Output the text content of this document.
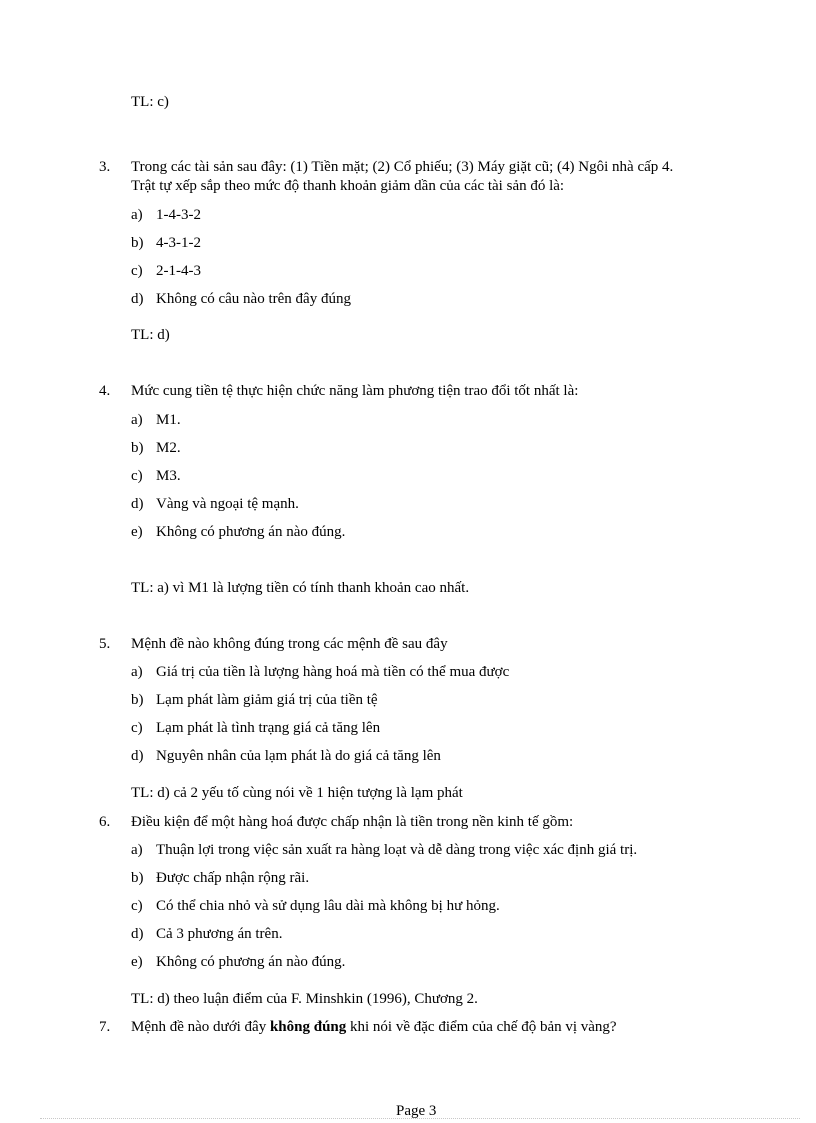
TL: c)
3. Trong các tài sản sau đây: (1) Tiền mặt; (2) Cổ phiếu; (3) Máy giặt cũ; (4) Ngôi nhà cấp 4.
Trật tự xếp sắp theo mức độ thanh khoản giảm dần của các tài sản đó là:
a) 1-4-3-2
b) 4-3-1-2
c) 2-1-4-3
d) Không có câu nào trên đây đúng
TL: d)
4. Mức cung tiền tệ thực hiện chức năng làm phương tiện trao đổi tốt nhất là:
a) M1.
b) M2.
c) M3.
d) Vàng và ngoại tệ mạnh.
e) Không có phương án nào đúng.
TL: a) vì M1 là lượng tiền có tính thanh khoản cao nhất.
5. Mệnh đề nào không đúng trong các mệnh đề sau đây
a) Giá trị của tiền là lượng hàng hoá mà tiền có thể mua được
b) Lạm phát làm giảm giá trị của tiền tệ
c) Lạm phát là tình trạng giá cả tăng lên
d) Nguyên nhân của lạm phát là do giá cả tăng lên
TL: d) cả 2 yếu tố cùng nói về 1 hiện tượng là lạm phát
6. Điều kiện để một hàng hoá được chấp nhận là tiền trong nền kinh tế gồm:
a) Thuận lợi trong việc sản xuất ra hàng loạt và dễ dàng trong việc xác định giá trị.
b) Được chấp nhận rộng rãi.
c) Có thể chia nhỏ và sử dụng lâu dài mà không bị hư hỏng.
d) Cả 3 phương án trên.
e) Không có phương án nào đúng.
TL: d) theo luận điểm của F. Minshkin (1996), Chương 2.
7. Mệnh đề nào dưới đây không đúng khi nói về đặc điểm của chế độ bản vị vàng?
Page 3
